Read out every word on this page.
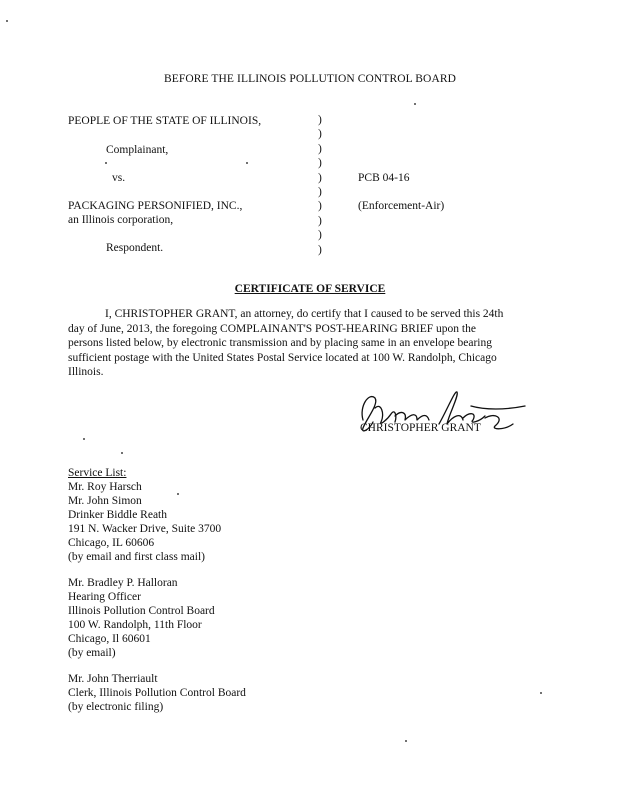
BEFORE THE ILLINOIS POLLUTION CONTROL BOARD
PEOPLE OF THE STATE OF ILLINOIS,
Complainant,
vs.
PACKAGING PERSONIFIED, INC.,
an Illinois corporation,
Respondent.
)
)
)
)
)
)
)
)
)
)
PCB 04-16
(Enforcement-Air)
CERTIFICATE OF SERVICE
I, CHRISTOPHER GRANT, an attorney, do certify that I caused to be served this 24th
day of June, 2013, the foregoing COMPLAINANT'S POST-HEARING BRIEF upon the
persons listed below, by electronic transmission and by placing same in an envelope bearing
sufficient postage with the United States Postal Service located at 100 W. Randolph, Chicago
Illinois.
CHRISTOPHER GRANT
Service List:
Mr. Roy Harsch
Mr. John Simon
Drinker Biddle Reath
191 N. Wacker Drive, Suite 3700
Chicago, IL 60606
(by email and first class mail)
Mr. Bradley P. Halloran
Hearing Officer
Illinois Pollution Control Board
100 W. Randolph, 11th Floor
Chicago, Il 60601
(by email)
Mr. John Therriault
Clerk, Illinois Pollution Control Board
(by electronic filing)
